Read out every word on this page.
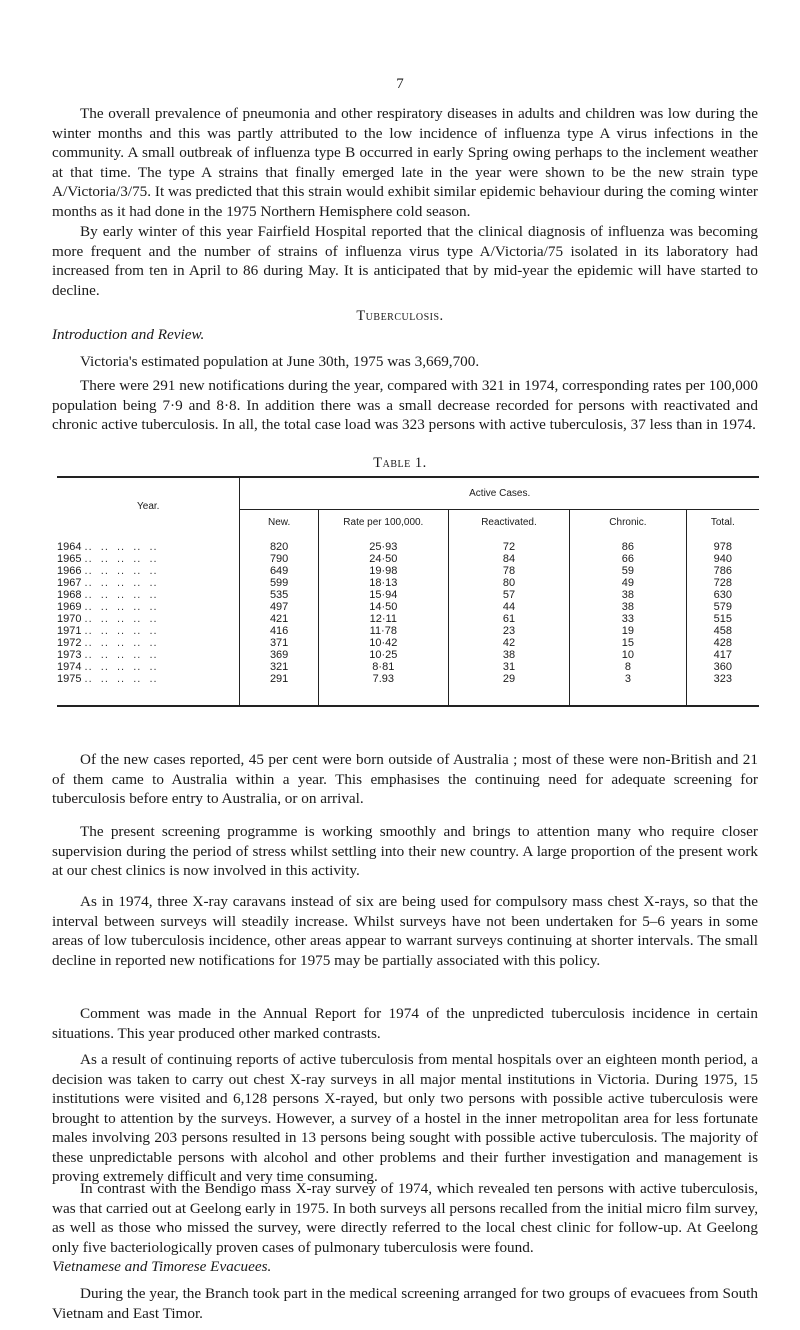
7

The overall prevalence of pneumonia and other respiratory diseases in adults and children was low during the winter months and this was partly attributed to the low incidence of influenza type A virus infections in the community. A small outbreak of influenza type B occurred in early Spring owing perhaps to the inclement weather at that time. The type A strains that finally emerged late in the year were shown to be the new strain type A/Victoria/3/75. It was predicted that this strain would exhibit similar epidemic behaviour during the coming winter months as it had done in the 1975 Northern Hemisphere cold season.

By early winter of this year Fairfield Hospital reported that the clinical diagnosis of influenza was becoming more frequent and the number of strains of influenza virus type A/Victoria/75 isolated in its laboratory had increased from ten in April to 86 during May. It is anticipated that by mid-year the epidemic will have started to decline.

Tuberculosis.

Introduction and Review.

Victoria's estimated population at June 30th, 1975 was 3,669,700.

There were 291 new notifications during the year, compared with 321 in 1974, corresponding rates per 100,000 population being 7·9 and 8·8. In addition there was a small decrease recorded for persons with reactivated and chronic active tuberculosis. In all, the total case load was 323 persons with active tuberculosis, 37 less than in 1974.

Table 1.

Year.	Active Cases.				
	New.	Rate per 100,000.	Reactivated.	Chronic.	Total.

1964 ..  ..  ..  ..  ..	820	25·93	72	86	978
1965 ..  ..  ..  ..  ..	790	24·50	84	66	940
1966 ..  ..  ..  ..  ..	649	19·98	78	59	786
1967 ..  ..  ..  ..  ..	599	18·13	80	49	728
1968 ..  ..  ..  ..  ..	535	15·94	57	38	630
1969 ..  ..  ..  ..  ..	497	14·50	44	38	579
1970 ..  ..  ..  ..  ..	421	12·11	61	33	515
1971 ..  ..  ..  ..  ..	416	11·78	23	19	458
1972 ..  ..  ..  ..  ..	371	10·42	42	15	428
1973 ..  ..  ..  ..  ..	369	10·25	38	10	417
1974 ..  ..  ..  ..  ..	321	8·81	31	8	360
1975 ..  ..  ..  ..  ..	291	7.93	29	3	323

Of the new cases reported, 45 per cent were born outside of Australia ; most of these were non-British and 21 of them came to Australia within a year. This emphasises the continuing need for adequate screening for tuberculosis before entry to Australia, or on arrival.

The present screening programme is working smoothly and brings to attention many who require closer supervision during the period of stress whilst settling into their new country. A large proportion of the present work at our chest clinics is now involved in this activity.

As in 1974, three X-ray caravans instead of six are being used for compulsory mass chest X-rays, so that the interval between surveys will steadily increase. Whilst surveys have not been undertaken for 5–6 years in some areas of low tuberculosis incidence, other areas appear to warrant surveys continuing at shorter intervals. The small decline in reported new notifications for 1975 may be partially associated with this policy.

Comment was made in the Annual Report for 1974 of the unpredicted tuberculosis incidence in certain situations. This year produced other marked contrasts.

As a result of continuing reports of active tuberculosis from mental hospitals over an eighteen month period, a decision was taken to carry out chest X-ray surveys in all major mental institutions in Victoria. During 1975, 15 institutions were visited and 6,128 persons X-rayed, but only two persons with possible active tuberculosis were brought to attention by the surveys. However, a survey of a hostel in the inner metropolitan area for less fortunate males involving 203 persons resulted in 13 persons being sought with possible active tuberculosis. The majority of these unpredictable persons with alcohol and other problems and their further investigation and management is proving extremely difficult and very time consuming.

In contrast with the Bendigo mass X-ray survey of 1974, which revealed ten persons with active tuberculosis, was that carried out at Geelong early in 1975. In both surveys all persons recalled from the initial micro film survey, as well as those who missed the survey, were directly referred to the local chest clinic for follow-up. At Geelong only five bacteriologically proven cases of pulmonary tuberculosis were found.

Vietnamese and Timorese Evacuees.

During the year, the Branch took part in the medical screening arranged for two groups of evacuees from South Vietnam and East Timor.
